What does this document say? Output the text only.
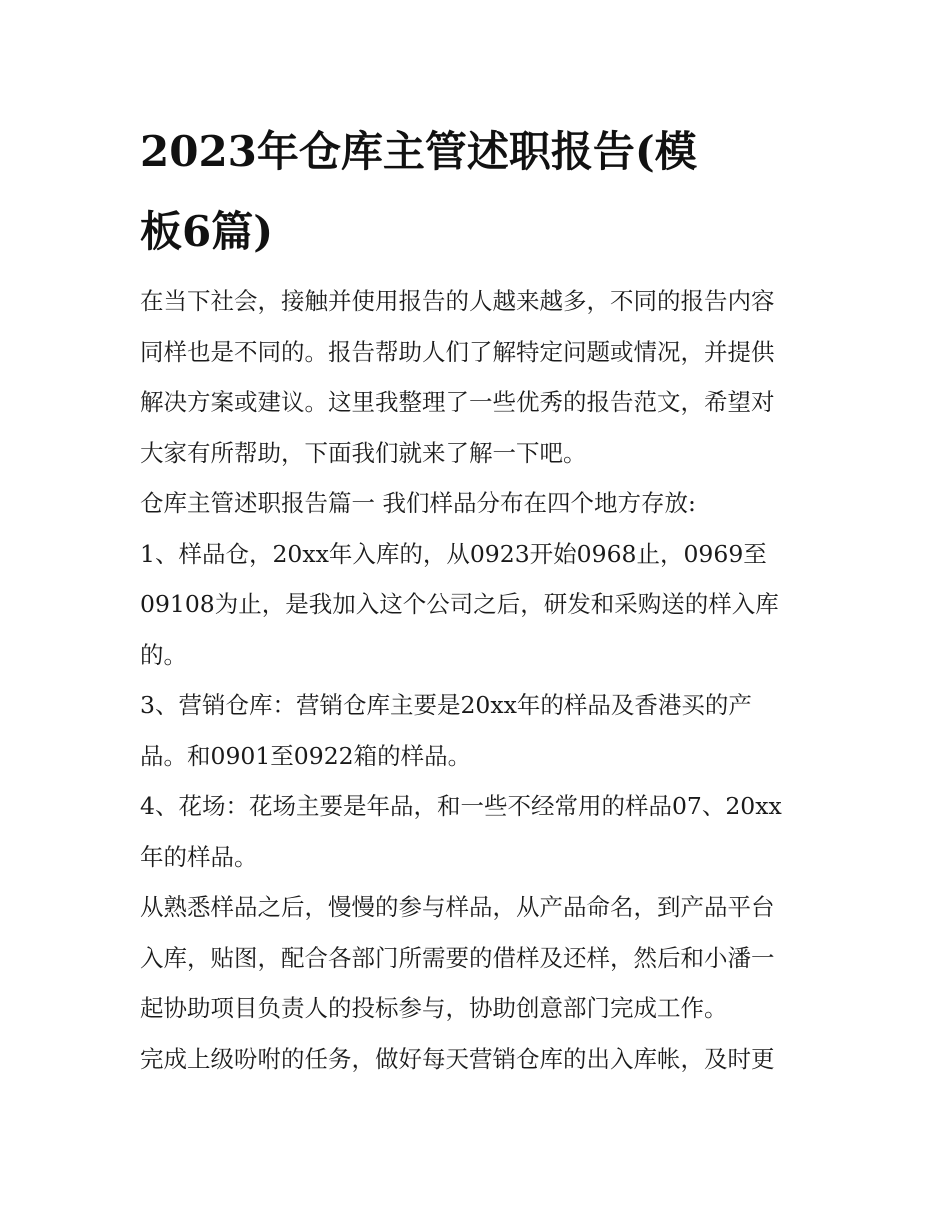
2023年仓库主管述职报告(模
板6篇)

在当下社会，接触并使用报告的人越来越多，不同的报告内容
同样也是不同的。报告帮助人们了解特定问题或情况，并提供
解决方案或建议。这里我整理了一些优秀的报告范文，希望对
大家有所帮助，下面我们就来了解一下吧。

仓库主管述职报告篇一 我们样品分布在四个地方存放:

1、样品仓，20xx年入库的，从0923开始0968止，0969至
09108为止，是我加入这个公司之后，研发和采购送的样入库
的。

3、营销仓库：营销仓库主要是20xx年的样品及香港买的产
品。和0901至0922箱的样品。

4、花场：花场主要是年品，和一些不经常用的样品07、20xx
年的样品。

从熟悉样品之后，慢慢的参与样品，从产品命名，到产品平台
入库，贴图，配合各部门所需要的借样及还样，然后和小潘一
起协助项目负责人的投标参与，协助创意部门完成工作。

完成上级吩咐的任务，做好每天营销仓库的出入库帐，及时更
